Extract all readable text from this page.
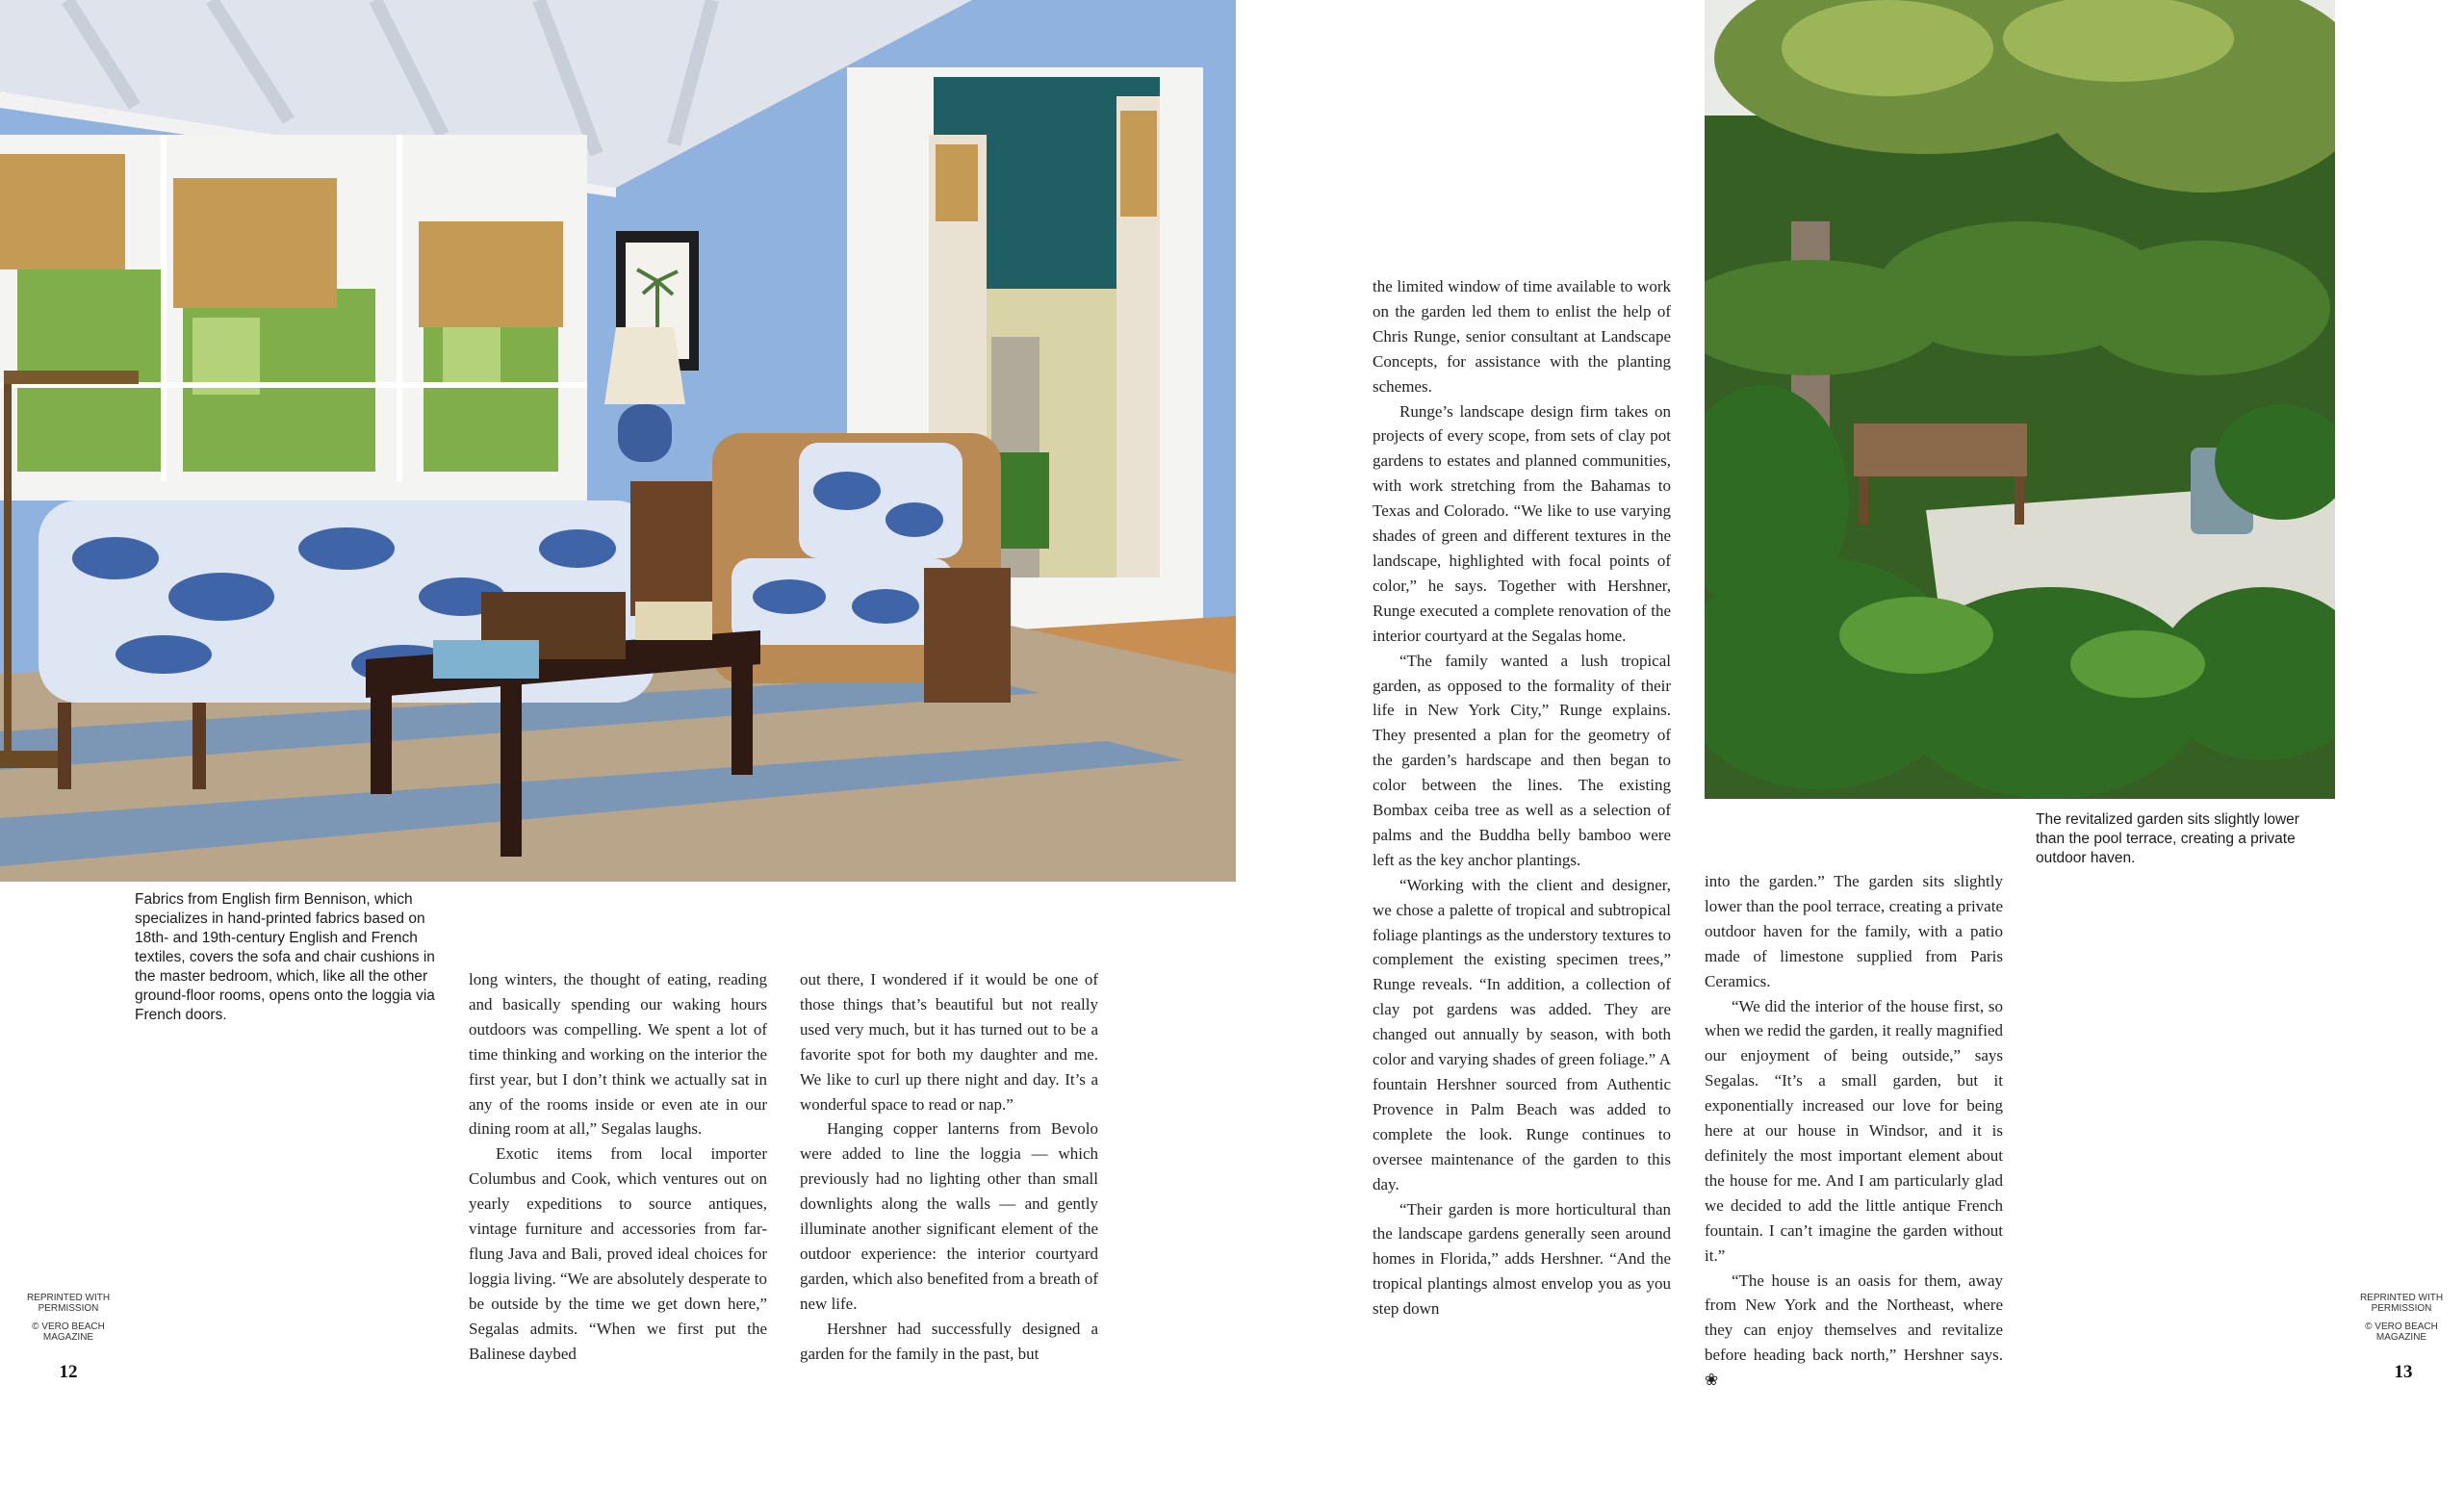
Fabrics from English firm Bennison, which specializes in hand-printed fabrics based on 18th- and 19th-century English and French textiles, covers the sofa and chair cushions in the master bedroom, which, like all the other ground-floor rooms, opens onto the loggia via French doors.
The revitalized garden sits slightly lower than the pool terrace, creating a private outdoor haven.

long winters, the thought of eating, reading and basically spending our waking hours outdoors was compelling. We spent a lot of time thinking and working on the interior the first year, but I don’t think we actually sat in any of the rooms inside or even ate in our dining room at all,” Segalas laughs.

Exotic items from local importer Columbus and Cook, which ventures out on yearly expeditions to source antiques, vintage furniture and accessories from far-flung Java and Bali, proved ideal choices for loggia living. “We are absolutely desperate to be outside by the time we get down here,” Segalas admits. “When we first put the Balinese daybed

out there, I wondered if it would be one of those things that’s beautiful but not really used very much, but it has turned out to be a favorite spot for both my daughter and me. We like to curl up there night and day. It’s a wonderful space to read or nap.”

Hanging copper lanterns from Bevolo were added to line the loggia — which previously had no lighting other than small downlights along the walls — and gently illuminate another significant element of the outdoor experience: the interior courtyard garden, which also benefited from a breath of new life.

Hershner had successfully designed a garden for the family in the past, but

the limited window of time available to work on the garden led them to enlist the help of Chris Runge, senior consultant at Landscape Concepts, for assistance with the planting schemes.

Runge’s landscape design firm takes on projects of every scope, from sets of clay pot gardens to estates and planned communities, with work stretching from the Bahamas to Texas and Colorado. “We like to use varying shades of green and different textures in the landscape, highlighted with focal points of color,” he says. Together with Hershner, Runge executed a complete renovation of the interior courtyard at the Segalas home.

“The family wanted a lush tropical garden, as opposed to the formality of their life in New York City,” Runge explains. They presented a plan for the geometry of the garden’s hardscape and then began to color between the lines. The existing Bombax ceiba tree as well as a selection of palms and the Buddha belly bamboo were left as the key anchor plantings.

“Working with the client and designer, we chose a palette of tropical and subtropical foliage plantings as the understory textures to complement the existing specimen trees,” Runge reveals. “In addition, a collection of clay pot gardens was added. They are changed out annually by season, with both color and varying shades of green foliage.” A fountain Hershner sourced from Authentic Provence in Palm Beach was added to complete the look. Runge continues to oversee maintenance of the garden to this day.

“Their garden is more horticultural than the landscape gardens generally seen around homes in Florida,” adds Hershner. “And the tropical plantings almost envelop you as you step down

into the garden.” The garden sits slightly lower than the pool terrace, creating a private outdoor haven for the family, with a patio made of limestone supplied from Paris Ceramics.

“We did the interior of the house first, so when we redid the garden, it really magnified our enjoyment of being outside,” says Segalas. “It’s a small garden, but it exponentially increased our love for being here at our house in Windsor, and it is definitely the most important element about the house for me. And I am particularly glad we decided to add the little antique French fountain. I can’t imagine the garden without it.”

“The house is an oasis for them, away from New York and the Northeast, where they can enjoy themselves and revitalize before heading back north,” Hershner says. ❀

REPRINTED WITH
PERMISSION
© VERO BEACH
MAGAZINE
REPRINTED WITH
PERMISSION
© VERO BEACH
MAGAZINE
12	13
